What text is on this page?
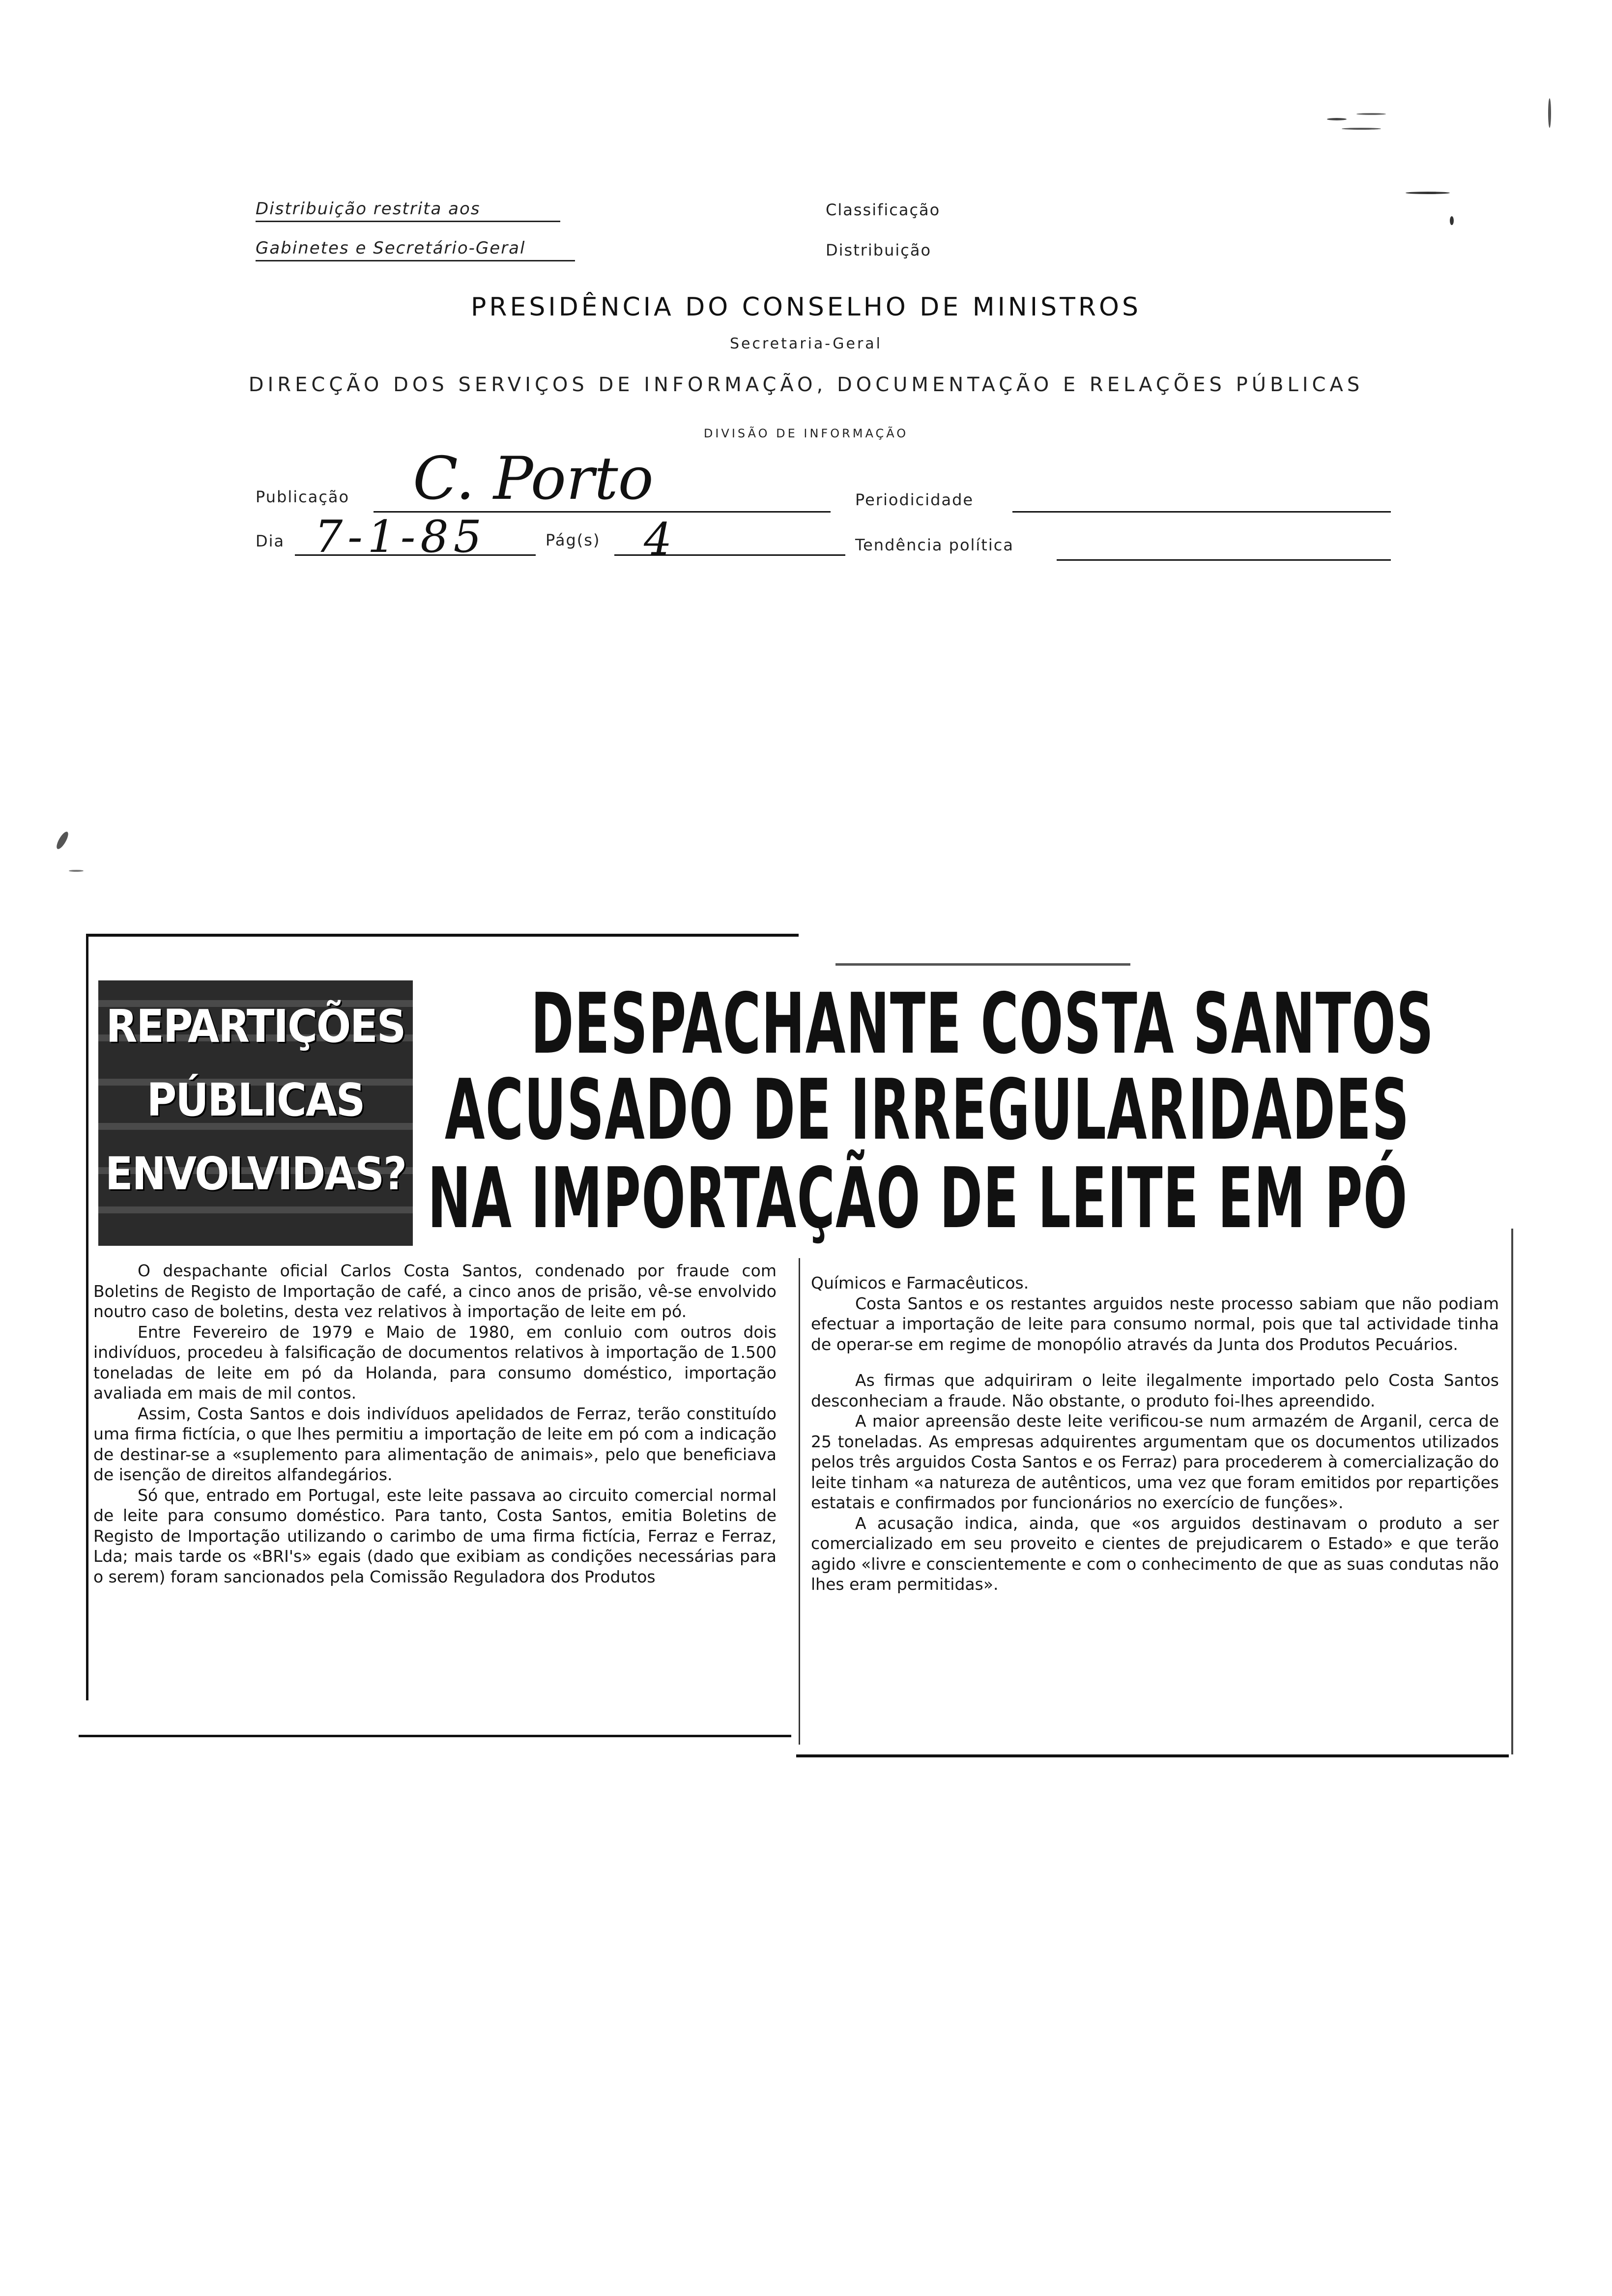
Distribuição restrita aos
Gabinetes e Secretário-Geral
Classificação
Distribuição
PRESIDÊNCIA DO CONSELHO DE MINISTROS
Secretaria-Geral
DIRECÇÃO DOS SERVIÇOS DE INFORMAÇÃO, DOCUMENTAÇÃO E RELAÇÕES PÚBLICAS
DIVISÃO DE INFORMAÇÃO
Publicação C. Porto	Periodicidade
Dia 7-1-85	Pág(s) 4	Tendência política
REPARTIÇÕES
PÚBLICAS
ENVOLVIDAS?
DESPACHANTE COSTA SANTOS
ACUSADO DE IRREGULARIDADES
NA IMPORTAÇÃO DE LEITE EM PÓ

O despachante oficial Carlos Costa Santos, condenado por fraude com Boletins de Registo de Importação de café, a cinco anos de prisão, vê-se envolvido noutro caso de boletins, desta vez relativos à importação de leite em pó.

Entre Fevereiro de 1979 e Maio de 1980, em conluio com outros dois indivíduos, procedeu à falsificação de documentos relativos à importação de 1.500 toneladas de leite em pó da Holanda, para consumo doméstico, importação avaliada em mais de mil contos.

Assim, Costa Santos e dois indivíduos apelidados de Ferraz, terão constituído uma firma fictícia, o que lhes permitiu a importação de leite em pó com a indicação de destinar-se a «suplemento para alimentação de animais», pelo que beneficiava de isenção de direitos alfandegários.

Só que, entrado em Portugal, este leite passava ao circuito comercial normal de leite para consumo doméstico. Para tanto, Costa Santos, emitia Boletins de Registo de Importação utilizando o carimbo de uma firma fictícia, Ferraz e Ferraz, Lda; mais tarde os «BRI's» egais (dado que exibiam as condições necessárias para o serem) foram sancionados pela Comissão Reguladora dos Produtos

Químicos e Farmacêuticos.

Costa Santos e os restantes arguidos neste processo sabiam que não podiam efectuar a importação de leite para consumo normal, pois que tal actividade tinha de operar-se em regime de monopólio através da Junta dos Produtos Pecuários.

As firmas que adquiriram o leite ilegalmente importado pelo Costa Santos desconheciam a fraude. Não obstante, o produto foi-lhes apreendido.

A maior apreensão deste leite verificou-se num armazém de Arganil, cerca de 25 toneladas. As empresas adquirentes argumentam que os documentos utilizados pelos três arguidos Costa Santos e os Ferraz) para procederem à comercialização do leite tinham «a natureza de autênticos, uma vez que foram emitidos por repartições estatais e confirmados por funcionários no exercício de funções».

A acusação indica, ainda, que «os arguidos destinavam o produto a ser comercializado em seu proveito e cientes de prejudicarem o Estado» e que terão agido «livre e conscientemente e com o conhecimento de que as suas condutas não lhes eram permitidas».
